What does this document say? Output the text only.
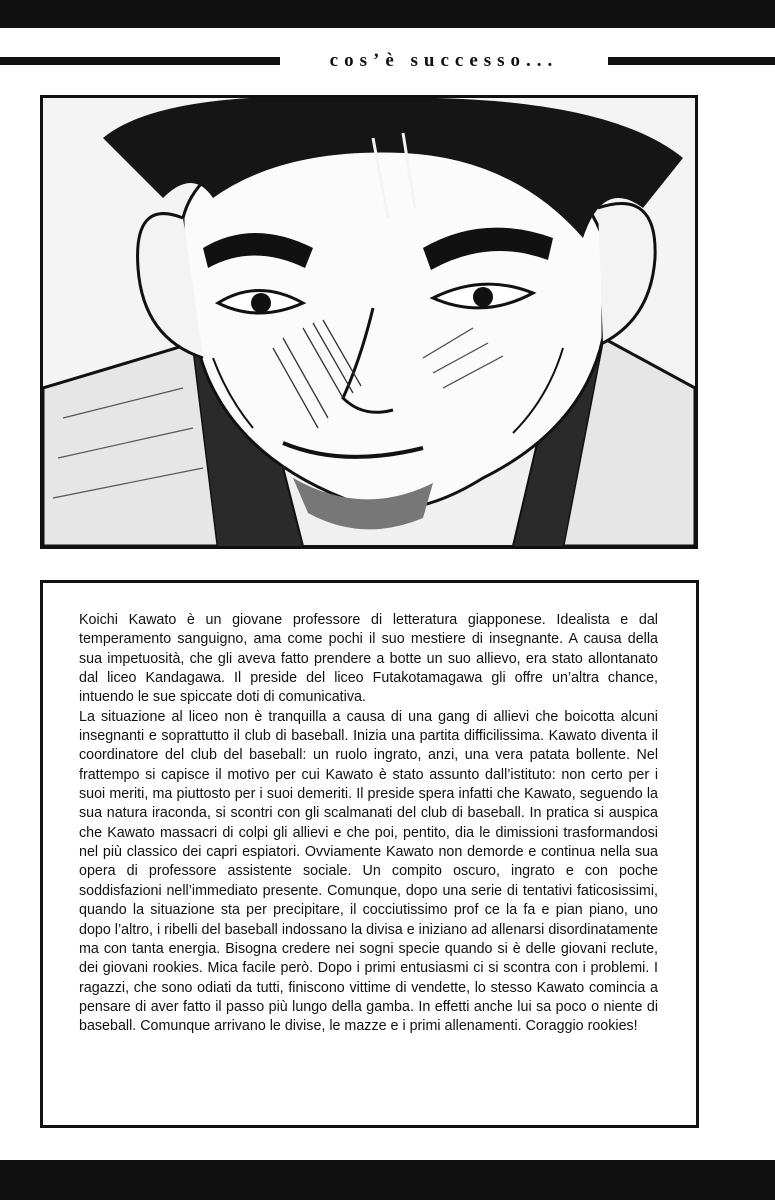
cos’è successo...

Koichi Kawato è un giovane professore di letteratura giapponese. Idealista e dal temperamento sanguigno, ama come pochi il suo mestiere di insegnante. A causa della sua impetuosità, che gli aveva fatto prendere a botte un suo allievo, era stato allontanato dal liceo Kandagawa. Il preside del liceo Futakotamagawa gli offre un’altra chance, intuendo le sue spiccate doti di comunicativa.

La situazione al liceo non è tranquilla a causa di una gang di allievi che boicotta alcuni insegnanti e soprattutto il club di baseball. Inizia una partita difficilissima. Kawato diventa il coordinatore del club del baseball: un ruolo ingrato, anzi, una vera patata bollente. Nel frattempo si capisce il motivo per cui Kawato è stato assunto dall’istituto: non certo per i suoi meriti, ma piuttosto per i suoi demeriti. Il preside spera infatti che Kawato, seguendo la sua natura iraconda, si scontri con gli scalmanati del club di baseball. In pratica si auspica che Kawato massacri di colpi gli allievi e che poi, pentito, dia le dimissioni trasformandosi nel più classico dei capri espiatori. Ovviamente Kawato non demorde e continua nella sua opera di professore assistente sociale. Un compito oscuro, ingrato e con poche soddisfazioni nell’immediato presente. Comunque, dopo una serie di tentativi faticosissimi, quando la situazione sta per precipitare, il cocciutissimo prof ce la fa e pian piano, uno dopo l’altro, i ribelli del baseball indossano la divisa e iniziano ad allenarsi disordinatamente ma con tanta energia. Bisogna credere nei sogni specie quando si è delle giovani reclute, dei giovani rookies. Mica facile però. Dopo i primi entusiasmi ci si scontra con i problemi. I ragazzi, che sono odiati da tutti, finiscono vittime di vendette, lo stesso Kawato comincia a pensare di aver fatto il passo più lungo della gamba. In effetti anche lui sa poco o niente di baseball. Comunque arrivano le divise, le mazze e i primi allenamenti. Coraggio rookies!
